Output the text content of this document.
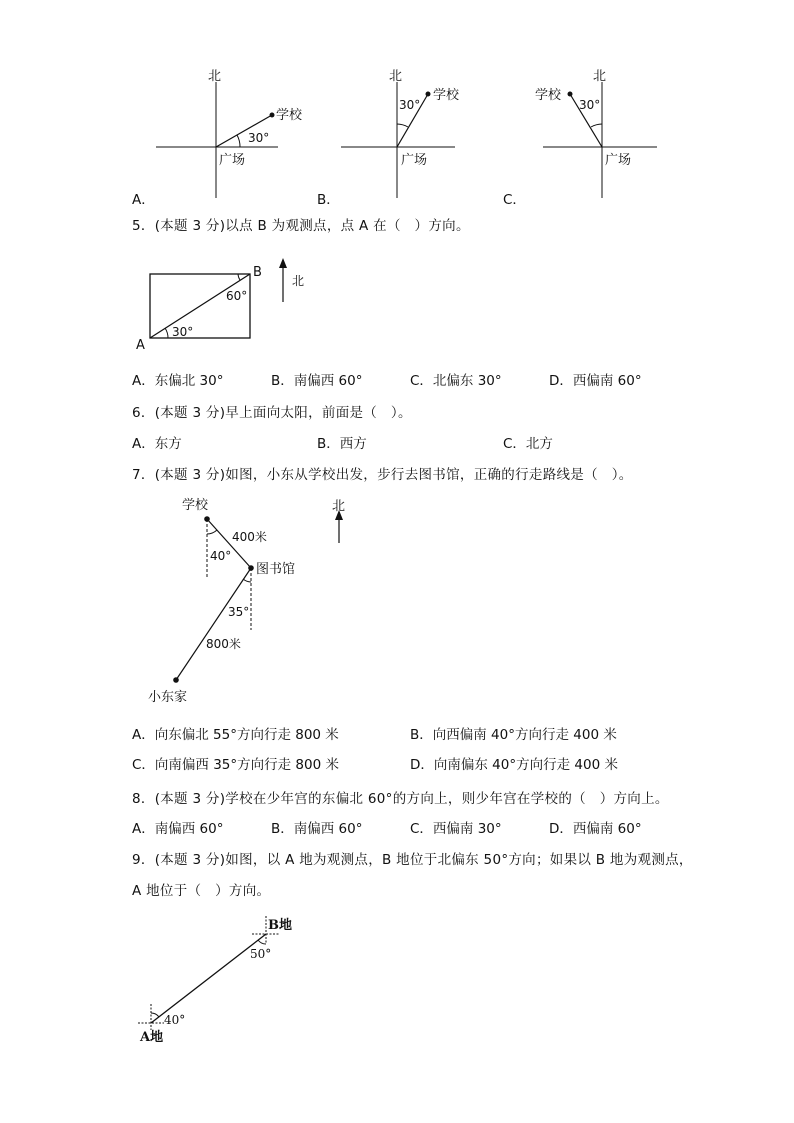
北
学校
30°
广场
A．
北
学校
30°
广场
B．
北
学校
30°
广场
C．
5．(本题 3 分)以点 B 为观测点，点 A 在（　）方向。
B
A
60°
30°
北
A．东偏北 30°	B．南偏西 60°	C．北偏东 30°	D．西偏南 60°
6．(本题 3 分)早上面向太阳，前面是（　）。
A．东方	B．西方	C．北方
7．(本题 3 分)如图，小东从学校出发，步行去图书馆，正确的行走路线是（　）。
学校
400米
40°
图书馆
35°
800米
小东家
北
A．向东偏北 55°方向行走 800 米	B．向西偏南 40°方向行走 400 米
C．向南偏西 35°方向行走 800 米	D．向南偏东 40°方向行走 400 米
8．(本题 3 分)学校在少年宫的东偏北 60°的方向上，则少年宫在学校的（　）方向上。
A．南偏西 60°	B．南偏西 60°	C．西偏南 30°	D．西偏南 60°
9．(本题 3 分)如图，以 A 地为观测点，B 地位于北偏东 50°方向；如果以 B 地为观测点，
A 地位于（　）方向。
B地
50°
40°
A地
